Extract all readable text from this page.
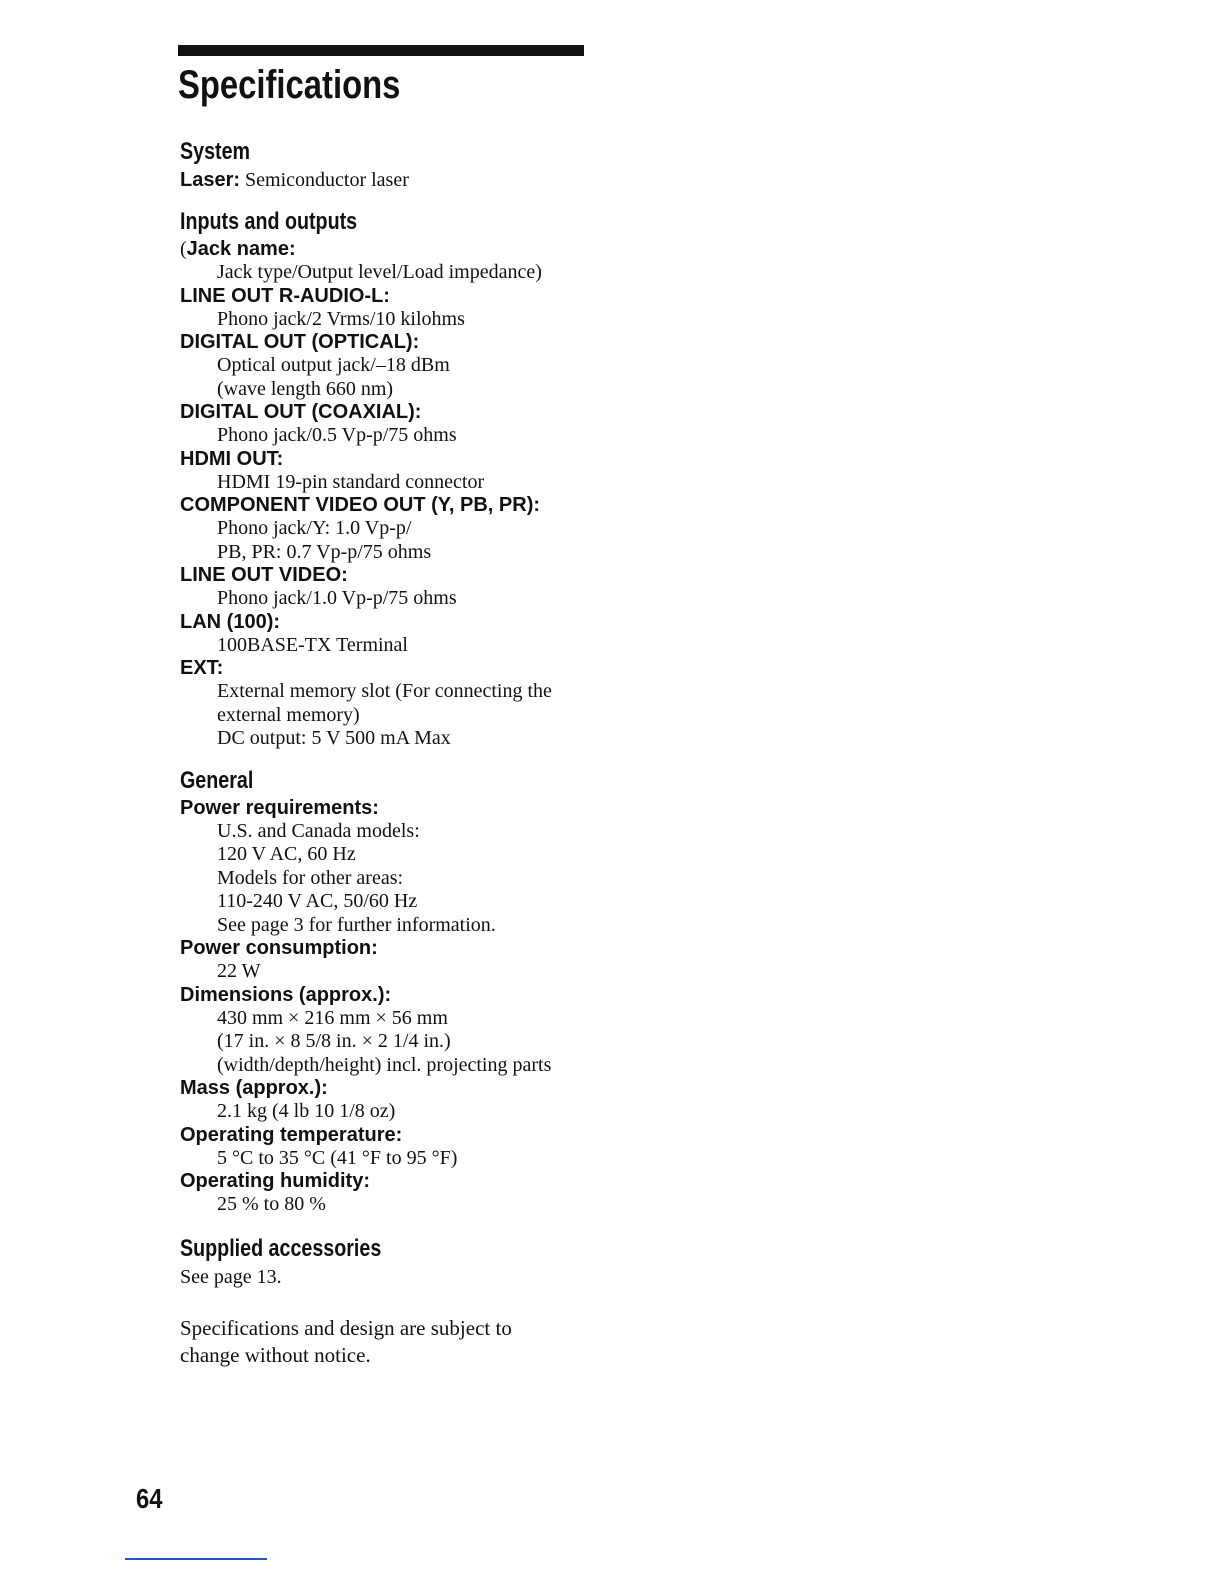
Specifications
System
Laser: Semiconductor laser
Inputs and outputs
(Jack name:
Jack type/Output level/Load impedance)
LINE OUT R-AUDIO-L:
Phono jack/2 Vrms/10 kilohms
DIGITAL OUT (OPTICAL):
Optical output jack/–18 dBm
(wave length 660 nm)
DIGITAL OUT (COAXIAL):
Phono jack/0.5 Vp-p/75 ohms
HDMI OUT:
HDMI 19-pin standard connector
COMPONENT VIDEO OUT (Y, PB, PR):
Phono jack/Y: 1.0 Vp-p/
PB, PR: 0.7 Vp-p/75 ohms
LINE OUT VIDEO:
Phono jack/1.0 Vp-p/75 ohms
LAN (100):
100BASE-TX Terminal
EXT:
External memory slot (For connecting the
external memory)
DC output: 5 V 500 mA Max
General
Power requirements:
U.S. and Canada models:
120 V AC, 60 Hz
Models for other areas:
110-240 V AC, 50/60 Hz
See page 3 for further information.
Power consumption:
22 W
Dimensions (approx.):
430 mm × 216 mm × 56 mm
(17 in. × 8 5/8 in. × 2 1/4 in.)
(width/depth/height) incl. projecting parts
Mass (approx.):
2.1 kg (4 lb 10 1/8 oz)
Operating temperature:
5 °C to 35 °C (41 °F to 95 °F)
Operating humidity:
25 % to 80 %
Supplied accessories
See page 13.
Specifications and design are subject to change without notice.
64
